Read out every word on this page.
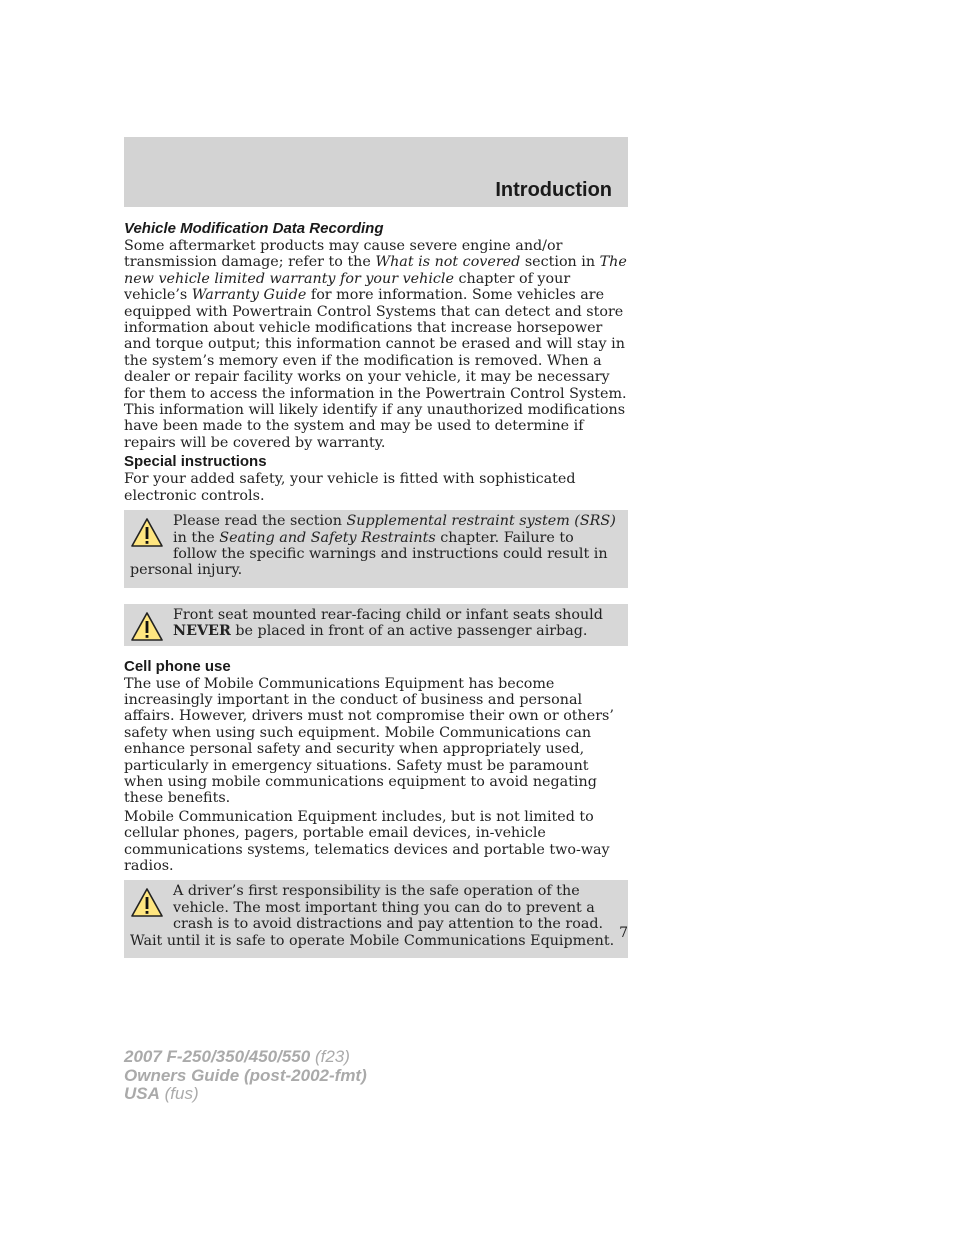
Introduction
Vehicle Modification Data Recording

Some aftermarket products may cause severe engine and/or transmission damage; refer to the What is not covered section in The new vehicle limited warranty for your vehicle chapter of your vehicle’s Warranty Guide for more information. Some vehicles are equipped with Powertrain Control Systems that can detect and store information about vehicle modifications that increase horsepower and torque output; this information cannot be erased and will stay in the system’s memory even if the modification is removed. When a dealer or repair facility works on your vehicle, it may be necessary for them to access the information in the Powertrain Control System. This information will likely identify if any unauthorized modifications have been made to the system and may be used to determine if repairs will be covered by warranty.

Special instructions

For your added safety, your vehicle is fitted with sophisticated electronic controls.

Please read the section Supplemental restraint system (SRS) in the Seating and Safety Restraints chapter. Failure to follow the specific warnings and instructions could result in personal injury.

Front seat mounted rear-facing child or infant seats should NEVER be placed in front of an active passenger airbag.

Cell phone use

The use of Mobile Communications Equipment has become increasingly important in the conduct of business and personal affairs. However, drivers must not compromise their own or others’ safety when using such equipment. Mobile Communications can enhance personal safety and security when appropriately used, particularly in emergency situations. Safety must be paramount when using mobile communications equipment to avoid negating these benefits.

Mobile Communication Equipment includes, but is not limited to cellular phones, pagers, portable email devices, in-vehicle communications systems, telematics devices and portable two-way radios.

A driver’s first responsibility is the safe operation of the vehicle. The most important thing you can do to prevent a crash is to avoid distractions and pay attention to the road. Wait until it is safe to operate Mobile Communications Equipment. 7
2007 F-250/350/450/550 (f23)
Owners Guide (post-2002-fmt)
USA (fus)
